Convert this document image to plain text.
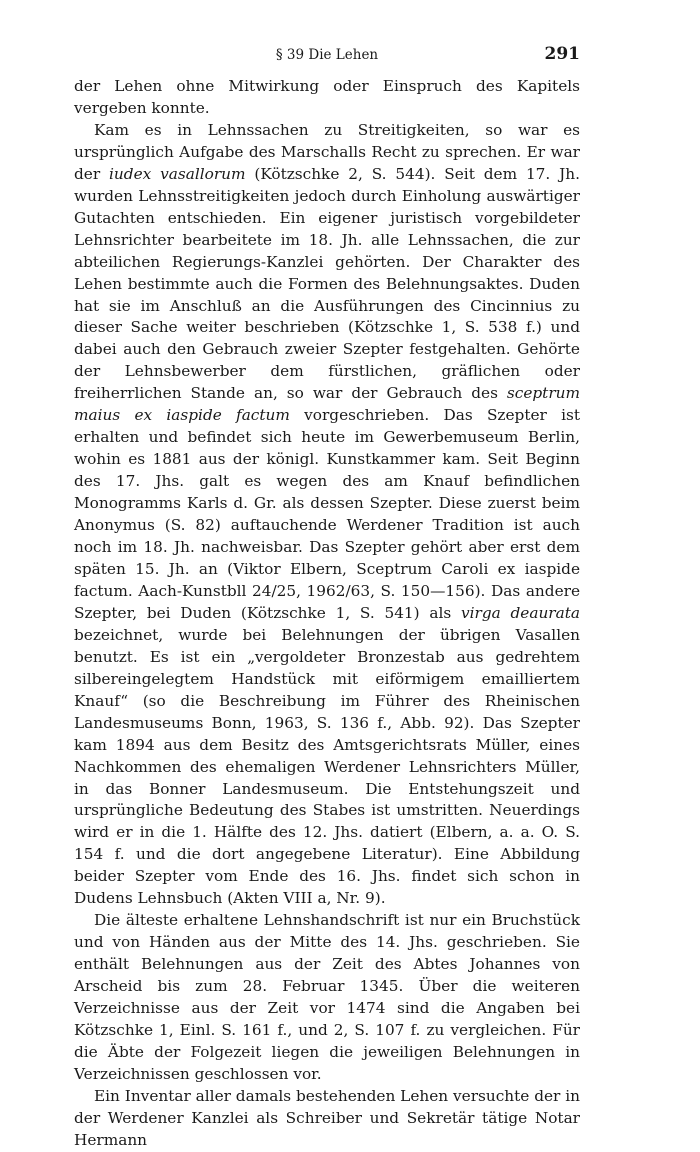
§ 39 Die Lehen	291

der Lehen ohne Mitwirkung oder Einspruch des Kapitels vergeben konnte.

Kam es in Lehnssachen zu Streitigkeiten, so war es ursprünglich Aufgabe des Marschalls Recht zu sprechen. Er war der iudex vasallorum (Kötzschke 2, S. 544). Seit dem 17. Jh. wurden Lehnsstreitigkeiten jedoch durch Einholung auswärtiger Gutachten entschieden. Ein eigener juristisch vorgebildeter Lehnsrichter bearbeitete im 18. Jh. alle Lehnssachen, die zur abteilichen Regierungs-Kanzlei gehörten. Der Charakter des Lehen bestimmte auch die Formen des Belehnungsaktes. Duden hat sie im Anschluß an die Ausführungen des Cincinnius zu dieser Sache weiter beschrieben (Kötzschke 1, S. 538 f.) und dabei auch den Gebrauch zweier Szepter festgehalten. Gehörte der Lehnsbewerber dem fürstlichen, gräflichen oder freiherrlichen Stande an, so war der Gebrauch des sceptrum maius ex iaspide factum vorgeschrieben. Das Szepter ist erhalten und befindet sich heute im Gewerbemuseum Berlin, wohin es 1881 aus der königl. Kunstkammer kam. Seit Beginn des 17. Jhs. galt es wegen des am Knauf befindlichen Monogramms Karls d. Gr. als dessen Szepter. Diese zuerst beim Anonymus (S. 82) auftauchende Werdener Tradition ist auch noch im 18. Jh. nachweisbar. Das Szepter gehört aber erst dem späten 15. Jh. an (Viktor Elbern, Sceptrum Caroli ex iaspide factum. Aach-Kunstbll 24/25, 1962/63, S. 150—156). Das andere Szepter, bei Duden (Kötzschke 1, S. 541) als virga deaurata bezeichnet, wurde bei Belehnungen der übrigen Vasallen benutzt. Es ist ein „vergoldeter Bronzestab aus gedrehtem silbereingelegtem Handstück mit eiförmigem emailliertem Knauf“ (so die Beschreibung im Führer des Rheinischen Landesmuseums Bonn, 1963, S. 136 f., Abb. 92). Das Szepter kam 1894 aus dem Besitz des Amtsgerichtsrats Müller, eines Nachkommen des ehemaligen Werdener Lehnsrichters Müller, in das Bonner Landesmuseum. Die Entstehungszeit und ursprüngliche Bedeutung des Stabes ist umstritten. Neuerdings wird er in die 1. Hälfte des 12. Jhs. datiert (Elbern, a. a. O. S. 154 f. und die dort angegebene Literatur). Eine Abbildung beider Szepter vom Ende des 16. Jhs. findet sich schon in Dudens Lehnsbuch (Akten VIII a, Nr. 9).

Die älteste erhaltene Lehnshandschrift ist nur ein Bruchstück und von Händen aus der Mitte des 14. Jhs. geschrieben. Sie enthält Belehnungen aus der Zeit des Abtes Johannes von Arscheid bis zum 28. Februar 1345. Über die weiteren Verzeichnisse aus der Zeit vor 1474 sind die Angaben bei Kötzschke 1, Einl. S. 161 f., und 2, S. 107 f. zu vergleichen. Für die Äbte der Folgezeit liegen die jeweiligen Belehnungen in Verzeichnissen geschlossen vor.

Ein Inventar aller damals bestehenden Lehen versuchte der in der Werdener Kanzlei als Schreiber und Sekretär tätige Notar Hermann
